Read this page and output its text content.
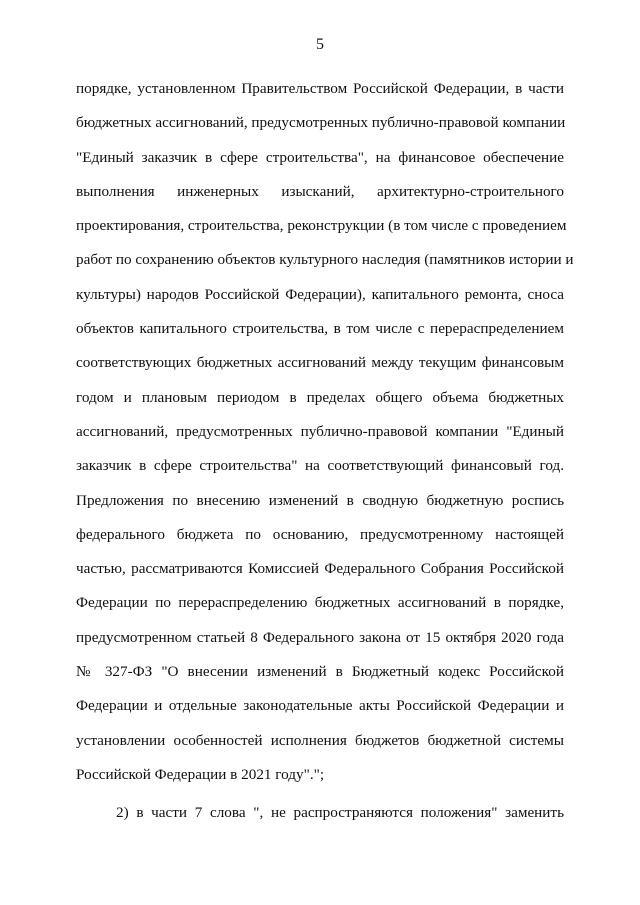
5
порядке, установленном Правительством Российской Федерации, в части
бюджетных ассигнований, предусмотренных публично-правовой компании
"Единый заказчик в сфере строительства", на финансовое обеспечение
выполнения инженерных изысканий, архитектурно-строительного
проектирования, строительства, реконструкции (в том числе с проведением
работ по сохранению объектов культурного наследия (памятников истории и
культуры) народов Российской Федерации), капитального ремонта, сноса
объектов капитального строительства, в том числе с перераспределением
соответствующих бюджетных ассигнований между текущим финансовым
годом и плановым периодом в пределах общего объема бюджетных
ассигнований, предусмотренных публично-правовой компании "Единый
заказчик в сфере строительства" на соответствующий финансовый год.
Предложения по внесению изменений в сводную бюджетную роспись
федерального бюджета по основанию, предусмотренному настоящей
частью, рассматриваются Комиссией Федерального Собрания Российской
Федерации по перераспределению бюджетных ассигнований в порядке,
предусмотренном статьей 8 Федерального закона от 15 октября 2020 года
№ 327-ФЗ "О внесении изменений в Бюджетный кодекс Российской
Федерации и отдельные законодательные акты Российской Федерации и
установлении особенностей исполнения бюджетов бюджетной системы
Российской Федерации в 2021 году".";
2) в части 7 слова ", не распространяются положения" заменить
